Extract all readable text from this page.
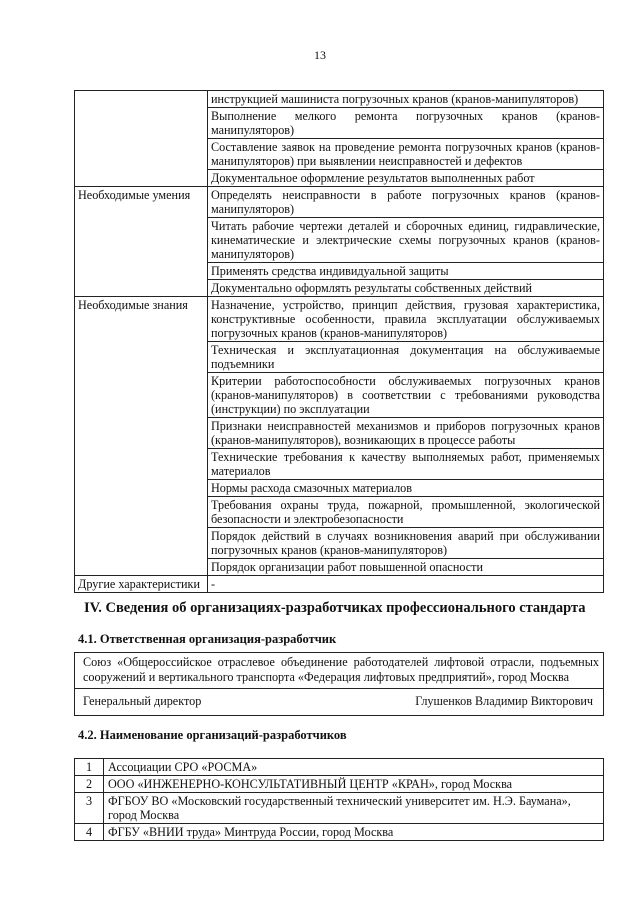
13
	инструкцией машиниста погрузочных кранов (кранов-манипуляторов)
	Выполнение мелкого ремонта погрузочных кранов (кранов-манипуляторов)
	Составление заявок на проведение ремонта погрузочных кранов (кранов-манипуляторов) при выявлении неисправностей и дефектов
	Документальное оформление результатов выполненных работ
Необходимые умения	Определять неисправности в работе погрузочных кранов (кранов-манипуляторов)
	Читать рабочие чертежи деталей и сборочных единиц, гидравлические, кинематические и электрические схемы погрузочных кранов (кранов-манипуляторов)
	Применять средства индивидуальной защиты
	Документально оформлять результаты собственных действий
Необходимые знания	Назначение, устройство, принцип действия, грузовая характеристика, конструктивные особенности, правила эксплуатации обслуживаемых погрузочных кранов (кранов-манипуляторов)
	Техническая и эксплуатационная документация на обслуживаемые подъемники
	Критерии работоспособности обслуживаемых погрузочных кранов (кранов-манипуляторов) в соответствии с требованиями руководства (инструкции) по эксплуатации
	Признаки неисправностей механизмов и приборов погрузочных кранов (кранов-манипуляторов), возникающих в процессе работы
	Технические требования к качеству выполняемых работ, применяемых материалов
	Нормы расхода смазочных материалов
	Требования охраны труда, пожарной, промышленной, экологической безопасности и электробезопасности
	Порядок действий в случаях возникновения аварий при обслуживании погрузочных кранов (кранов-манипуляторов)
	Порядок организации работ повышенной опасности
Другие характеристики	-
IV. Сведения об организациях-разработчиках профессионального стандарта
4.1. Ответственная организация-разработчик
Союз «Общероссийское отраслевое объединение работодателей лифтовой отрасли, подъемных сооружений и вертикального транспорта «Федерация лифтовых предприятий», город Москва
Генеральный директор	Глушенков Владимир Викторович
4.2. Наименование организаций-разработчиков
1	Ассоциации СРО «РОСМА»
2	ООО «ИНЖЕНЕРНО-КОНСУЛЬТАТИВНЫЙ ЦЕНТР «КРАН», город Москва
3	ФГБОУ ВО «Московский государственный технический университет им. Н.Э. Баумана», город Москва
4	ФГБУ «ВНИИ труда» Минтруда России, город Москва
